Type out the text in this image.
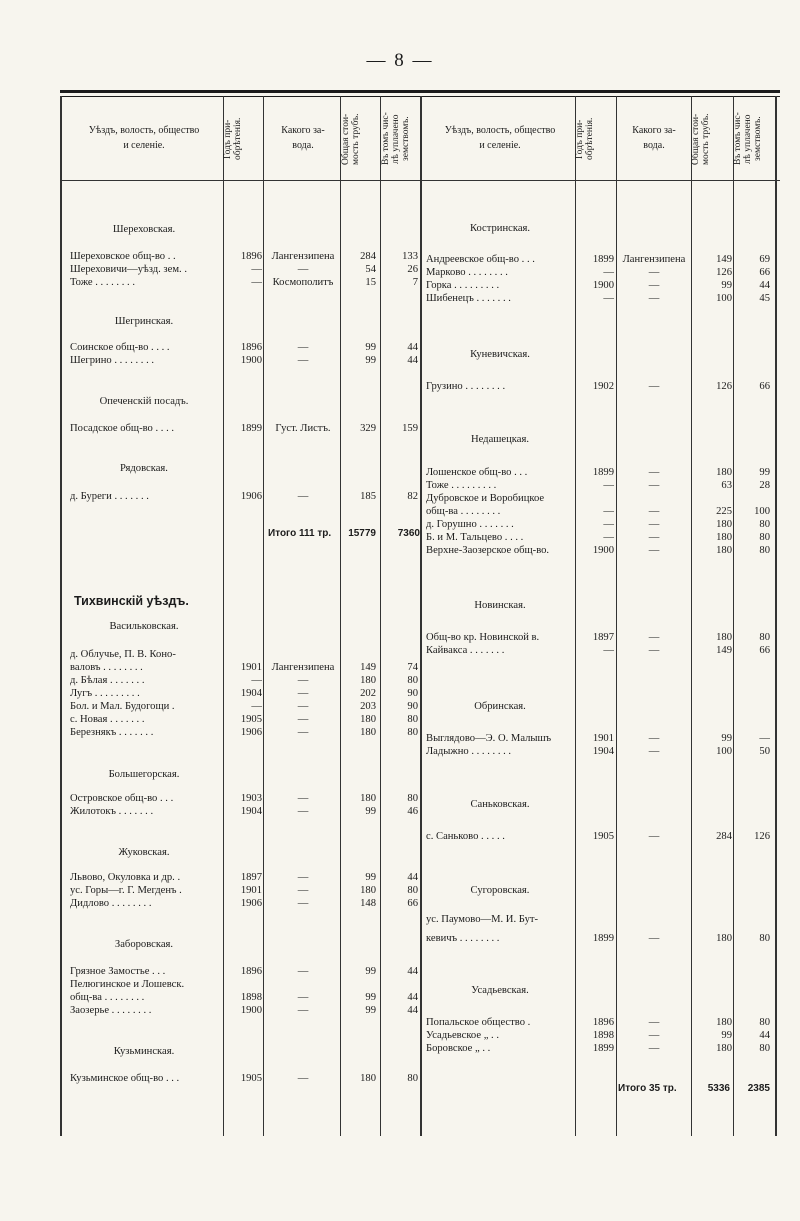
— 8 —
Уѣздъ, волость, общество
и селеніе.
Какого за-
вода.
Годъ при-
обрѣтенія.	Общая стои-
мость трубъ.
Въ томъ чис-
лѣ уплачено
земствомъ.	Уѣздъ, волость, общество
и селеніе.
Какого за-
вода.
Годъ при-
обрѣтенія.	Общая стои-
мость трубъ.
Въ томъ чис-
лѣ уплачено
земствомъ.
Шереховская.
Шереховское общ-во . .	1896 Лангензипена	284	133
Шереховичи—уѣзд. зем. .	—	—	54	26
Тоже . . . . . . . .	—	Космополитъ	15	7
Шегринская.
Соинское общ-во . . . .	1896	—	99	44
Шегрино . . . . . . . .	1900	—	99	44
Опеченскій посадъ.
Посадское общ-во . . . .	1899	Густ. Листъ.	329	159
Рядовская.
д. Бурeги . . . . . . .	1906	—	185	82
Итого 111 тр.	15779	7360
Тихвинскій уѣздъ.
Васильковская.
д. Облучье, П. В. Коно-
валовъ . . . . . . . .	1901 Лангензипена	149	74
д. Бѣлая . . . . . . .	—	—	180	80
Лугъ . . . . . . . . .	1904	—	202	90
Бол. и Мал. Будогощи .	—	—	203	90
с. Новая . . . . . . .	1905	—	180	80
Березнякъ . . . . . . .	1906	—	180	80
Большегорская.
Островское общ-во . . .	1903	—	180	80
Жилотокъ . . . . . . .	1904	—	99	46
Жуковская.
Львово, Окуловка и др. .	1897	—	99	44
ус. Горы—г. Г. Мегденъ .	1901	—	180	80
Дидлово . . . . . . . .	1906	—	148	66
Заборовская.
Грязное Замостье . . .	1896	—	99	44
Пелюгинское и Лошевск.
общ-ва . . . . . . . .	1898	—	99	44
Заозерье . . . . . . . .	1900	—	99	44
Кузьминская.
Кузьминское общ-во . . .	1905	—	180	80
Костринская.
Андреевское общ-во . . .	1899 Лангензипена	149	69
Марково . . . . . . . .	—	—	126	66
Горка . . . . . . . . .	1900	—	99	44
Шибенецъ . . . . . . .	—	—	100	45
Куневичская.
Грузино . . . . . . . .	1902	—	126	66
Недашецкая.
Лошенское общ-во . . .	1899	—	180	99
Тоже . . . . . . . . .	—	—	63	28
Дубровское и Воробицкое
общ-ва . . . . . . . .	—	—	225	100
д. Горушно . . . . . . .	—	—	180	80
Б. и М. Тальцево . . . .	—	—	180	80
Верхне-Заозерское общ-во.	1900	—	180	80
Новинская.
Общ-во кр. Новинской в.	1897	—	180	80
Кайвакса . . . . . . .	—	—	149	66
Обринская.
Выглядово—Э. О. Малышъ	1901	—	99	—
Ладыжно . . . . . . . .	1904	—	100	50
Саньковская.
с. Саньково . . . . .	1905	—	284	126
Сугоровская.
ус. Паумово—М. И. Бут-
кевичъ . . . . . . . .	1899	—	180	80
Усадьевская.
Попальское общество .	1896	—	180	80
Усадьевское „ . .	1898	—	99	44
Боровское „ . .	1899	—	180	80
Итого 35 тр.	5336	2385
